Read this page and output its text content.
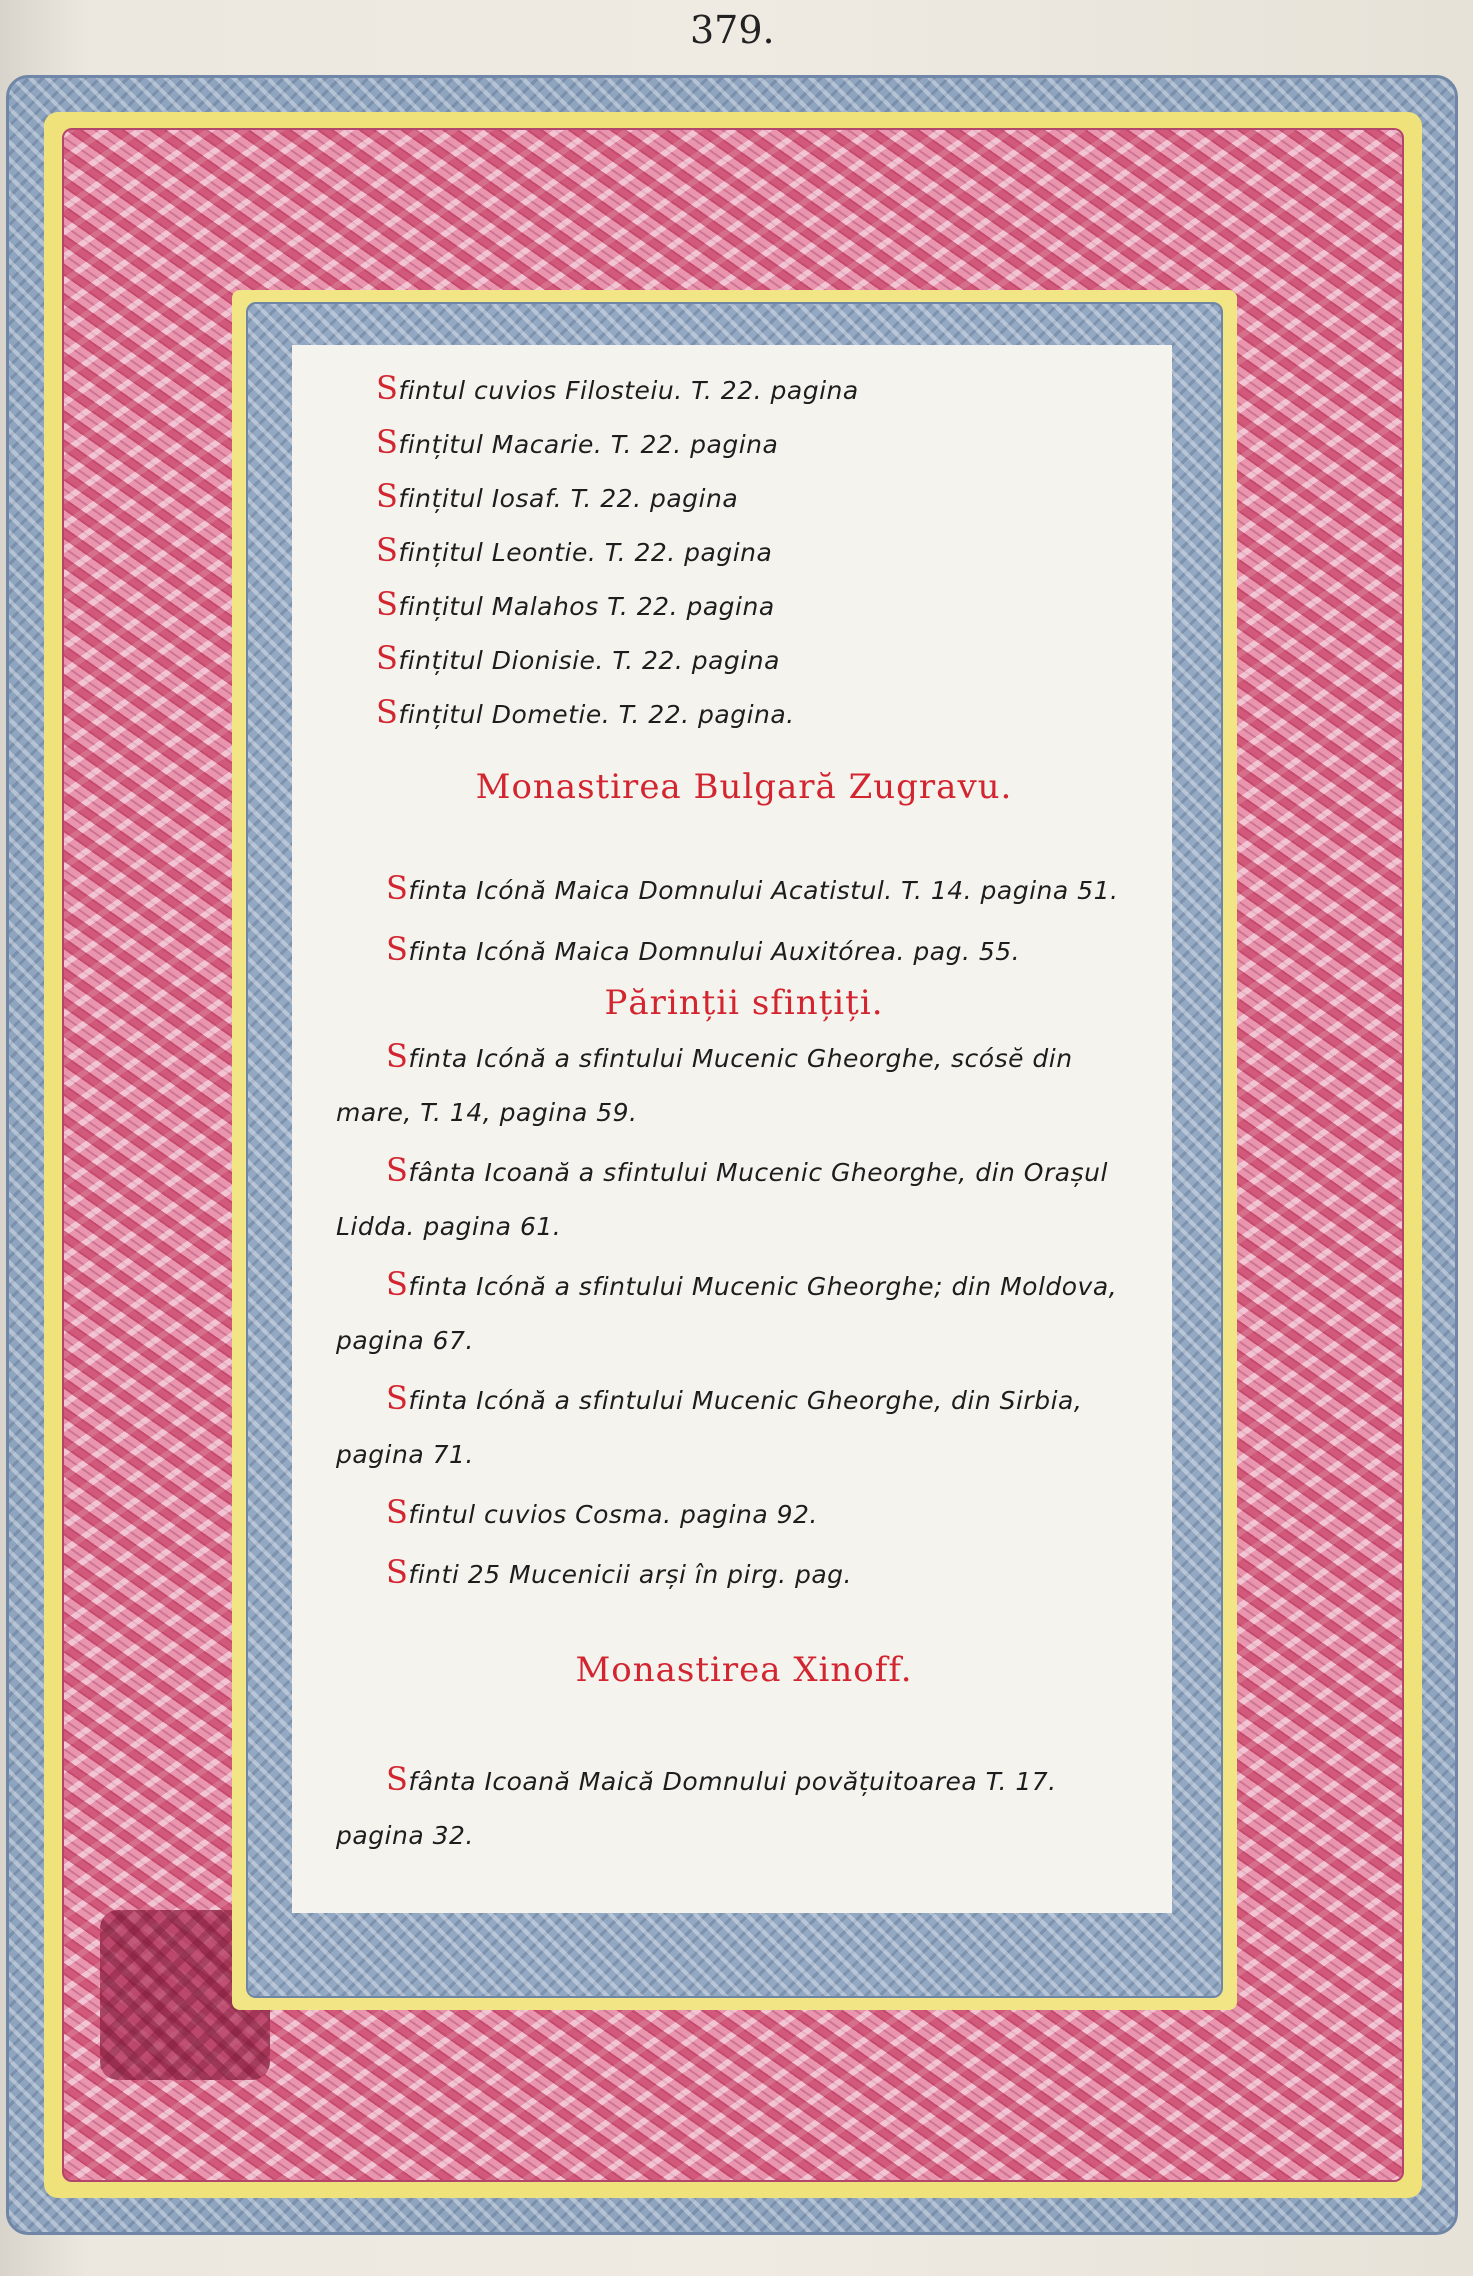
379.
Sfintul cuvios Filosteiu. T. 22. pagina
Sfințitul Macarie. T. 22. pagina
Sfințitul Iosaf. T. 22. pagina
Sfințitul Leontie. T. 22. pagina
Sfințitul Malahos T. 22. pagina
Sfințitul Dionisie. T. 22. pagina
Sfințitul Dometie. T. 22. pagina.
Monastirea Bulgară Zugravu.
Sfinta Icónă Maica Domnului Acatistul. T. 14. pagina 51.
Sfinta Icónă Maica Domnului Auxitórea. pag. 55.
Părinții sfințiți.
Sfinta Icónă a sfintului Mucenic Gheorghe, scósĕ din mare, T. 14, pagina 59.
Sfânta Icoană a sfintului Mucenic Gheorghe, din Orașul Lidda. pagina 61.
Sfinta Icónă a sfintului Mucenic Gheorghe; din Moldova, pagina 67.
Sfinta Icónă a sfintului Mucenic Gheorghe, din Sirbia, pagina 71.
Sfintul cuvios Cosma. pagina 92.
Sfinti 25 Mucenicii arși în pirg. pag.
Monastirea Xinoff.
Sfânta Icoană Maică Domnului povățuitoarea T. 17. pagina 32.
